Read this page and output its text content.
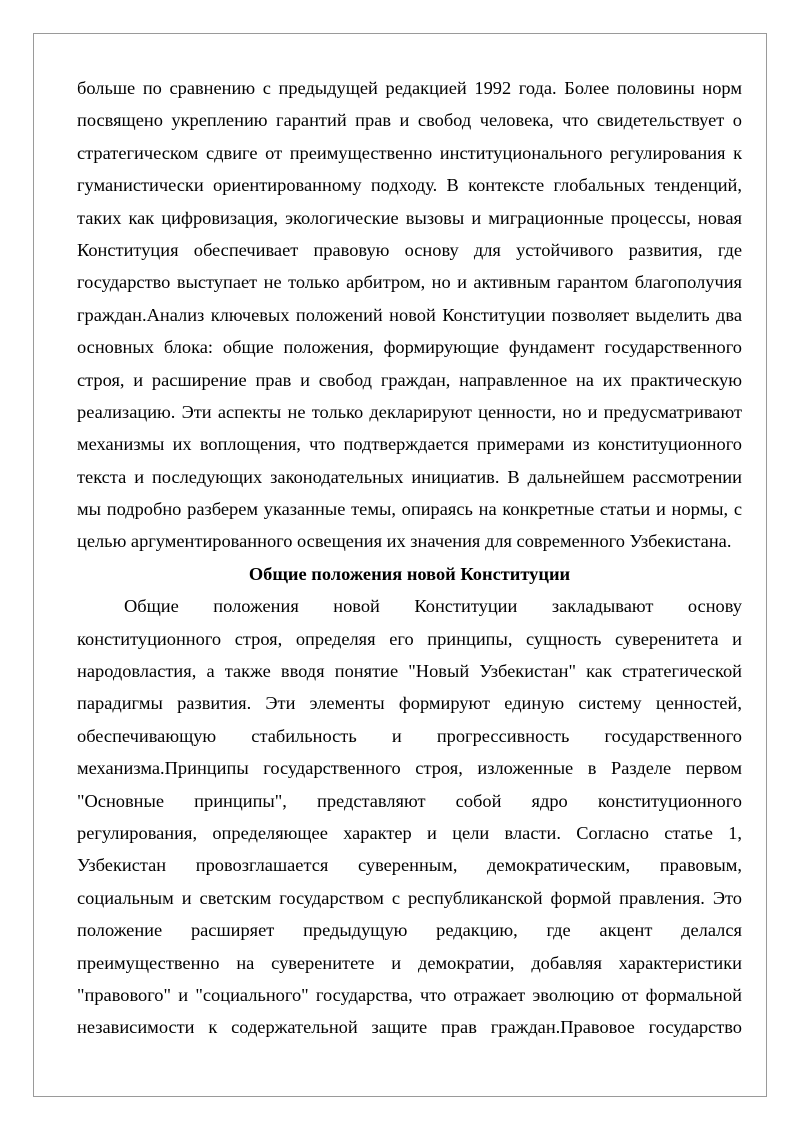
больше по сравнению с предыдущей редакцией 1992 года. Более половины норм
посвящено укреплению гарантий прав и свобод человека, что свидетельствует о
стратегическом сдвиге от преимущественно институционального регулирования к
гуманистически ориентированному подходу. В контексте глобальных тенденций,
таких как цифровизация, экологические вызовы и миграционные процессы, новая
Конституция обеспечивает правовую основу для устойчивого развития, где
государство выступает не только арбитром, но и активным гарантом благополучия
граждан.Анализ ключевых положений новой Конституции позволяет выделить два
основных блока: общие положения, формирующие фундамент государственного
строя, и расширение прав и свобод граждан, направленное на их практическую
реализацию. Эти аспекты не только декларируют ценности, но и предусматривают
механизмы их воплощения, что подтверждается примерами из конституционного
текста и последующих законодательных инициатив. В дальнейшем рассмотрении
мы подробно разберем указанные темы, опираясь на конкретные статьи и нормы, с
целью аргументированного освещения их значения для современного Узбекистана.
Общие положения новой Конституции
Общие положения новой Конституции закладывают основу
конституционного строя, определяя его принципы, сущность суверенитета и
народовластия, а также вводя понятие "Новый Узбекистан" как стратегической
парадигмы развития. Эти элементы формируют единую систему ценностей,
обеспечивающую стабильность и прогрессивность государственного
механизма.Принципы государственного строя, изложенные в Разделе первом
"Основные принципы", представляют собой ядро конституционного
регулирования, определяющее характер и цели власти. Согласно статье 1,
Узбекистан провозглашается суверенным, демократическим, правовым,
социальным и светским государством с республиканской формой правления. Это
положение расширяет предыдущую редакцию, где акцент делался
преимущественно на суверенитете и демократии, добавляя характеристики
"правового" и "социального" государства, что отражает эволюцию от формальной
независимости к содержательной защите прав граждан.Правовое государство
